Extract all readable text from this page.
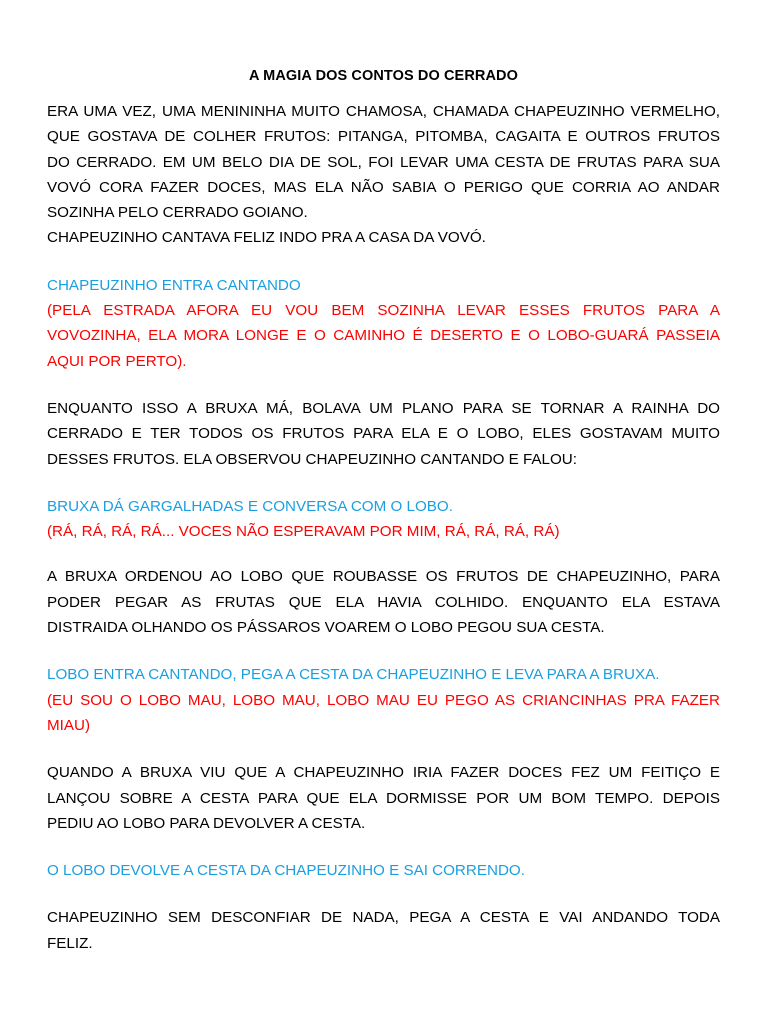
A MAGIA DOS CONTOS DO CERRADO
ERA UMA VEZ, UMA MENININHA MUITO CHAMOSA, CHAMADA CHAPEUZINHO VERMELHO,
QUE GOSTAVA DE COLHER FRUTOS: PITANGA, PITOMBA, CAGAITA E OUTROS FRUTOS
DO CERRADO. EM UM BELO DIA DE SOL, FOI LEVAR UMA CESTA DE FRUTAS PARA SUA
VOVÓ CORA FAZER DOCES, MAS ELA NÃO SABIA O PERIGO QUE CORRIA AO ANDAR
SOZINHA PELO CERRADO GOIANO.
CHAPEUZINHO CANTAVA FELIZ INDO PRA A CASA DA VOVÓ.
CHAPEUZINHO ENTRA CANTANDO
(PELA ESTRADA AFORA EU VOU BEM SOZINHA LEVAR ESSES FRUTOS PARA A
VOVOZINHA, ELA MORA LONGE E O CAMINHO É DESERTO E O LOBO-GUARÁ PASSEIA
AQUI POR PERTO).
ENQUANTO ISSO A BRUXA MÁ, BOLAVA UM PLANO PARA SE TORNAR A RAINHA DO
CERRADO E TER TODOS OS FRUTOS PARA ELA E O LOBO, ELES GOSTAVAM MUITO
DESSES FRUTOS. ELA OBSERVOU CHAPEUZINHO CANTANDO E FALOU:
BRUXA DÁ GARGALHADAS E CONVERSA COM O LOBO.
(RÁ, RÁ, RÁ, RÁ... VOCES NÃO ESPERAVAM POR MIM, RÁ, RÁ, RÁ, RÁ)
A BRUXA ORDENOU AO LOBO QUE ROUBASSE OS FRUTOS DE CHAPEUZINHO, PARA
PODER PEGAR AS FRUTAS QUE ELA HAVIA COLHIDO. ENQUANTO ELA ESTAVA
DISTRAIDA OLHANDO OS PÁSSAROS VOAREM O LOBO PEGOU SUA CESTA.
LOBO ENTRA CANTANDO, PEGA A CESTA DA CHAPEUZINHO E LEVA PARA A BRUXA.
(EU SOU O LOBO MAU, LOBO MAU, LOBO MAU EU PEGO AS CRIANCINHAS PRA FAZER
MIAU)
QUANDO A BRUXA VIU QUE A CHAPEUZINHO IRIA FAZER DOCES FEZ UM FEITIÇO E
LANÇOU SOBRE A CESTA PARA QUE ELA DORMISSE POR UM BOM TEMPO. DEPOIS
PEDIU AO LOBO PARA DEVOLVER A CESTA.
O LOBO DEVOLVE A CESTA DA CHAPEUZINHO E SAI CORRENDO.
CHAPEUZINHO SEM DESCONFIAR DE NADA, PEGA A CESTA E VAI ANDANDO TODA
FELIZ.
